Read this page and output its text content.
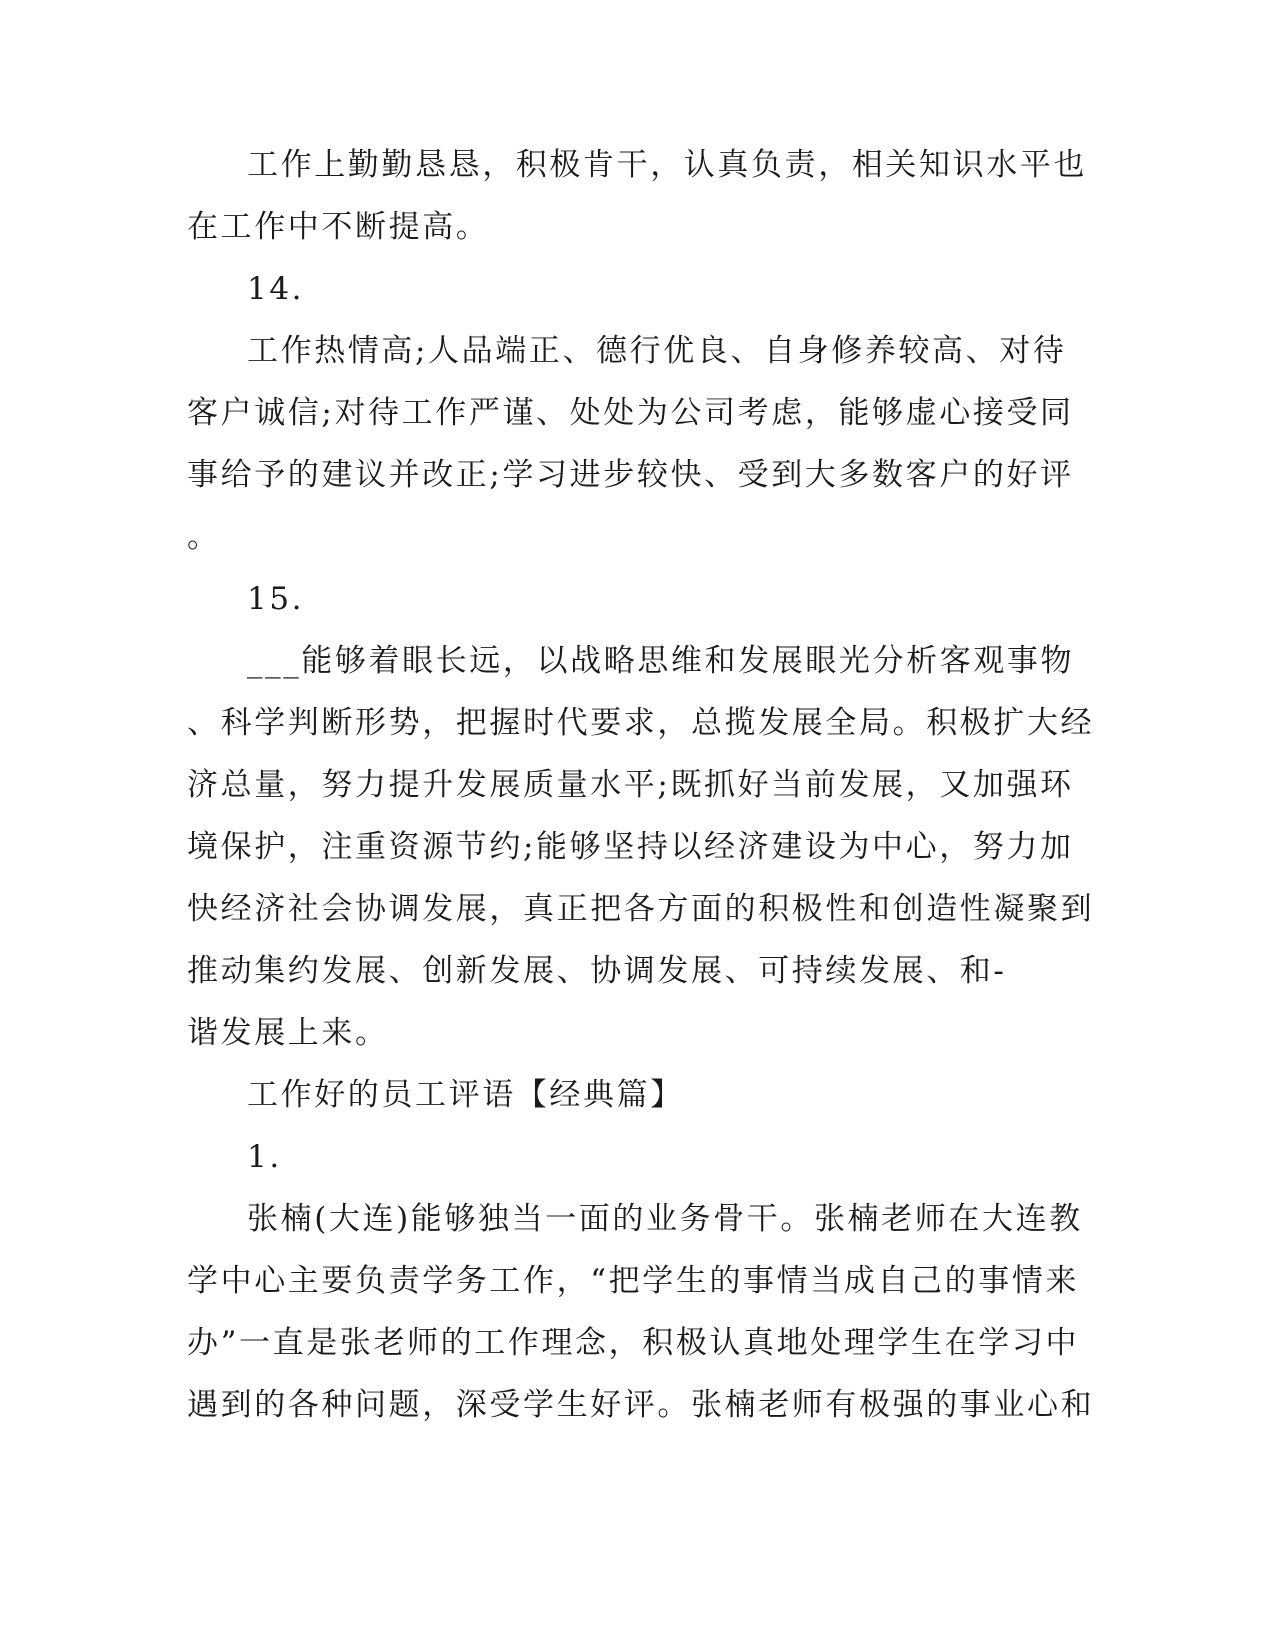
工作上勤勤恳恳，积极肯干，认真负责，相关知识水平也
在工作中不断提高。
14.
工作热情高;人品端正、德行优良、自身修养较高、对待
客户诚信;对待工作严谨、处处为公司考虑，能够虚心接受同
事给予的建议并改正;学习进步较快、受到大多数客户的好评
。
15.
___能够着眼长远，以战略思维和发展眼光分析客观事物
、科学判断形势，把握时代要求，总揽发展全局。积极扩大经
济总量，努力提升发展质量水平;既抓好当前发展，又加强环
境保护，注重资源节约;能够坚持以经济建设为中心，努力加
快经济社会协调发展，真正把各方面的积极性和创造性凝聚到
推动集约发展、创新发展、协调发展、可持续发展、和-
谐发展上来。
工作好的员工评语【经典篇】
1.
张楠(大连)能够独当一面的业务骨干。张楠老师在大连教
学中心主要负责学务工作，“把学生的事情当成自己的事情来
办”一直是张老师的工作理念，积极认真地处理学生在学习中
遇到的各种问题，深受学生好评。张楠老师有极强的事业心和
